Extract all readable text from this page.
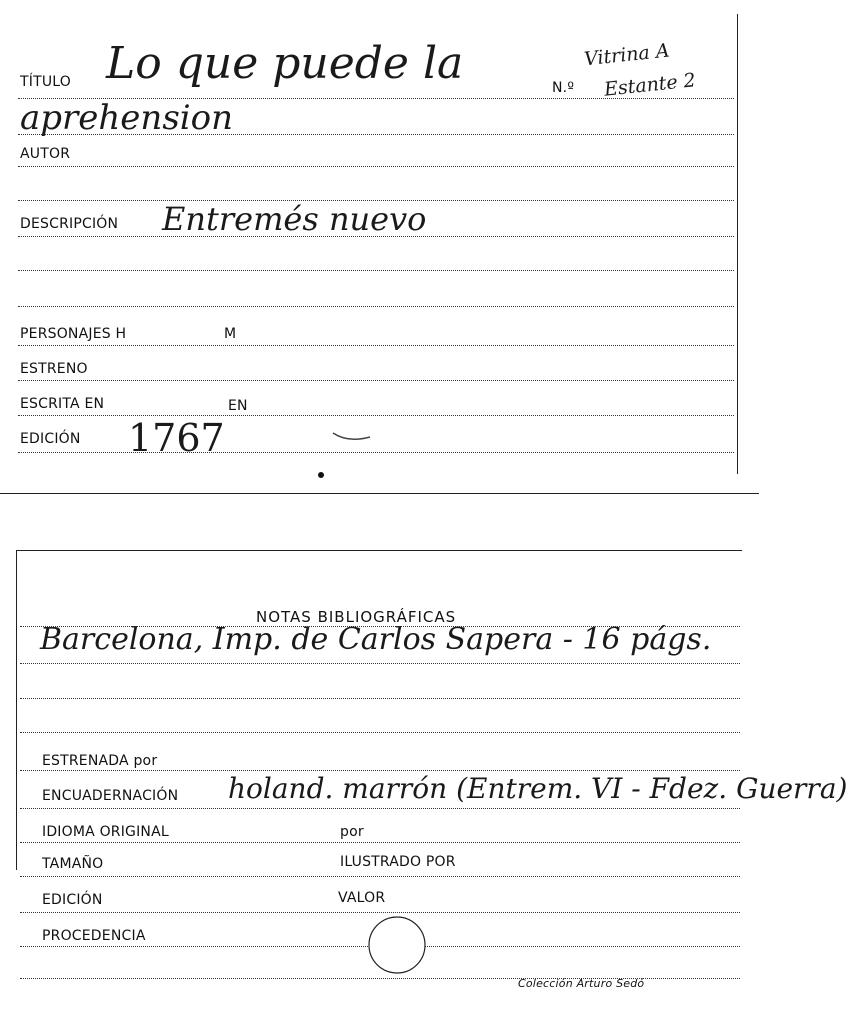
TÍTULO Lo que puede la	N.º
Vitrina A
Estante 2
aprehension
AUTOR
DESCRIPCIÓN Entremés nuevo
PERSONAJES H	M
ESTRENO
ESCRITA EN	EN
EDICIÓN 1767
NOTAS BIBLIOGRÁFICAS
Barcelona, Imp. de Carlos Sapera - 16 págs.
ESTRENADA por
ENCUADERNACIÓN holand. marrón (Entrem. VI - Fdez. Guerra)
IDIOMA ORIGINAL	por
TAMAÑO	ILUSTRADO POR
EDICIÓN	VALOR
PROCEDENCIA
Colección Arturo Sedó
